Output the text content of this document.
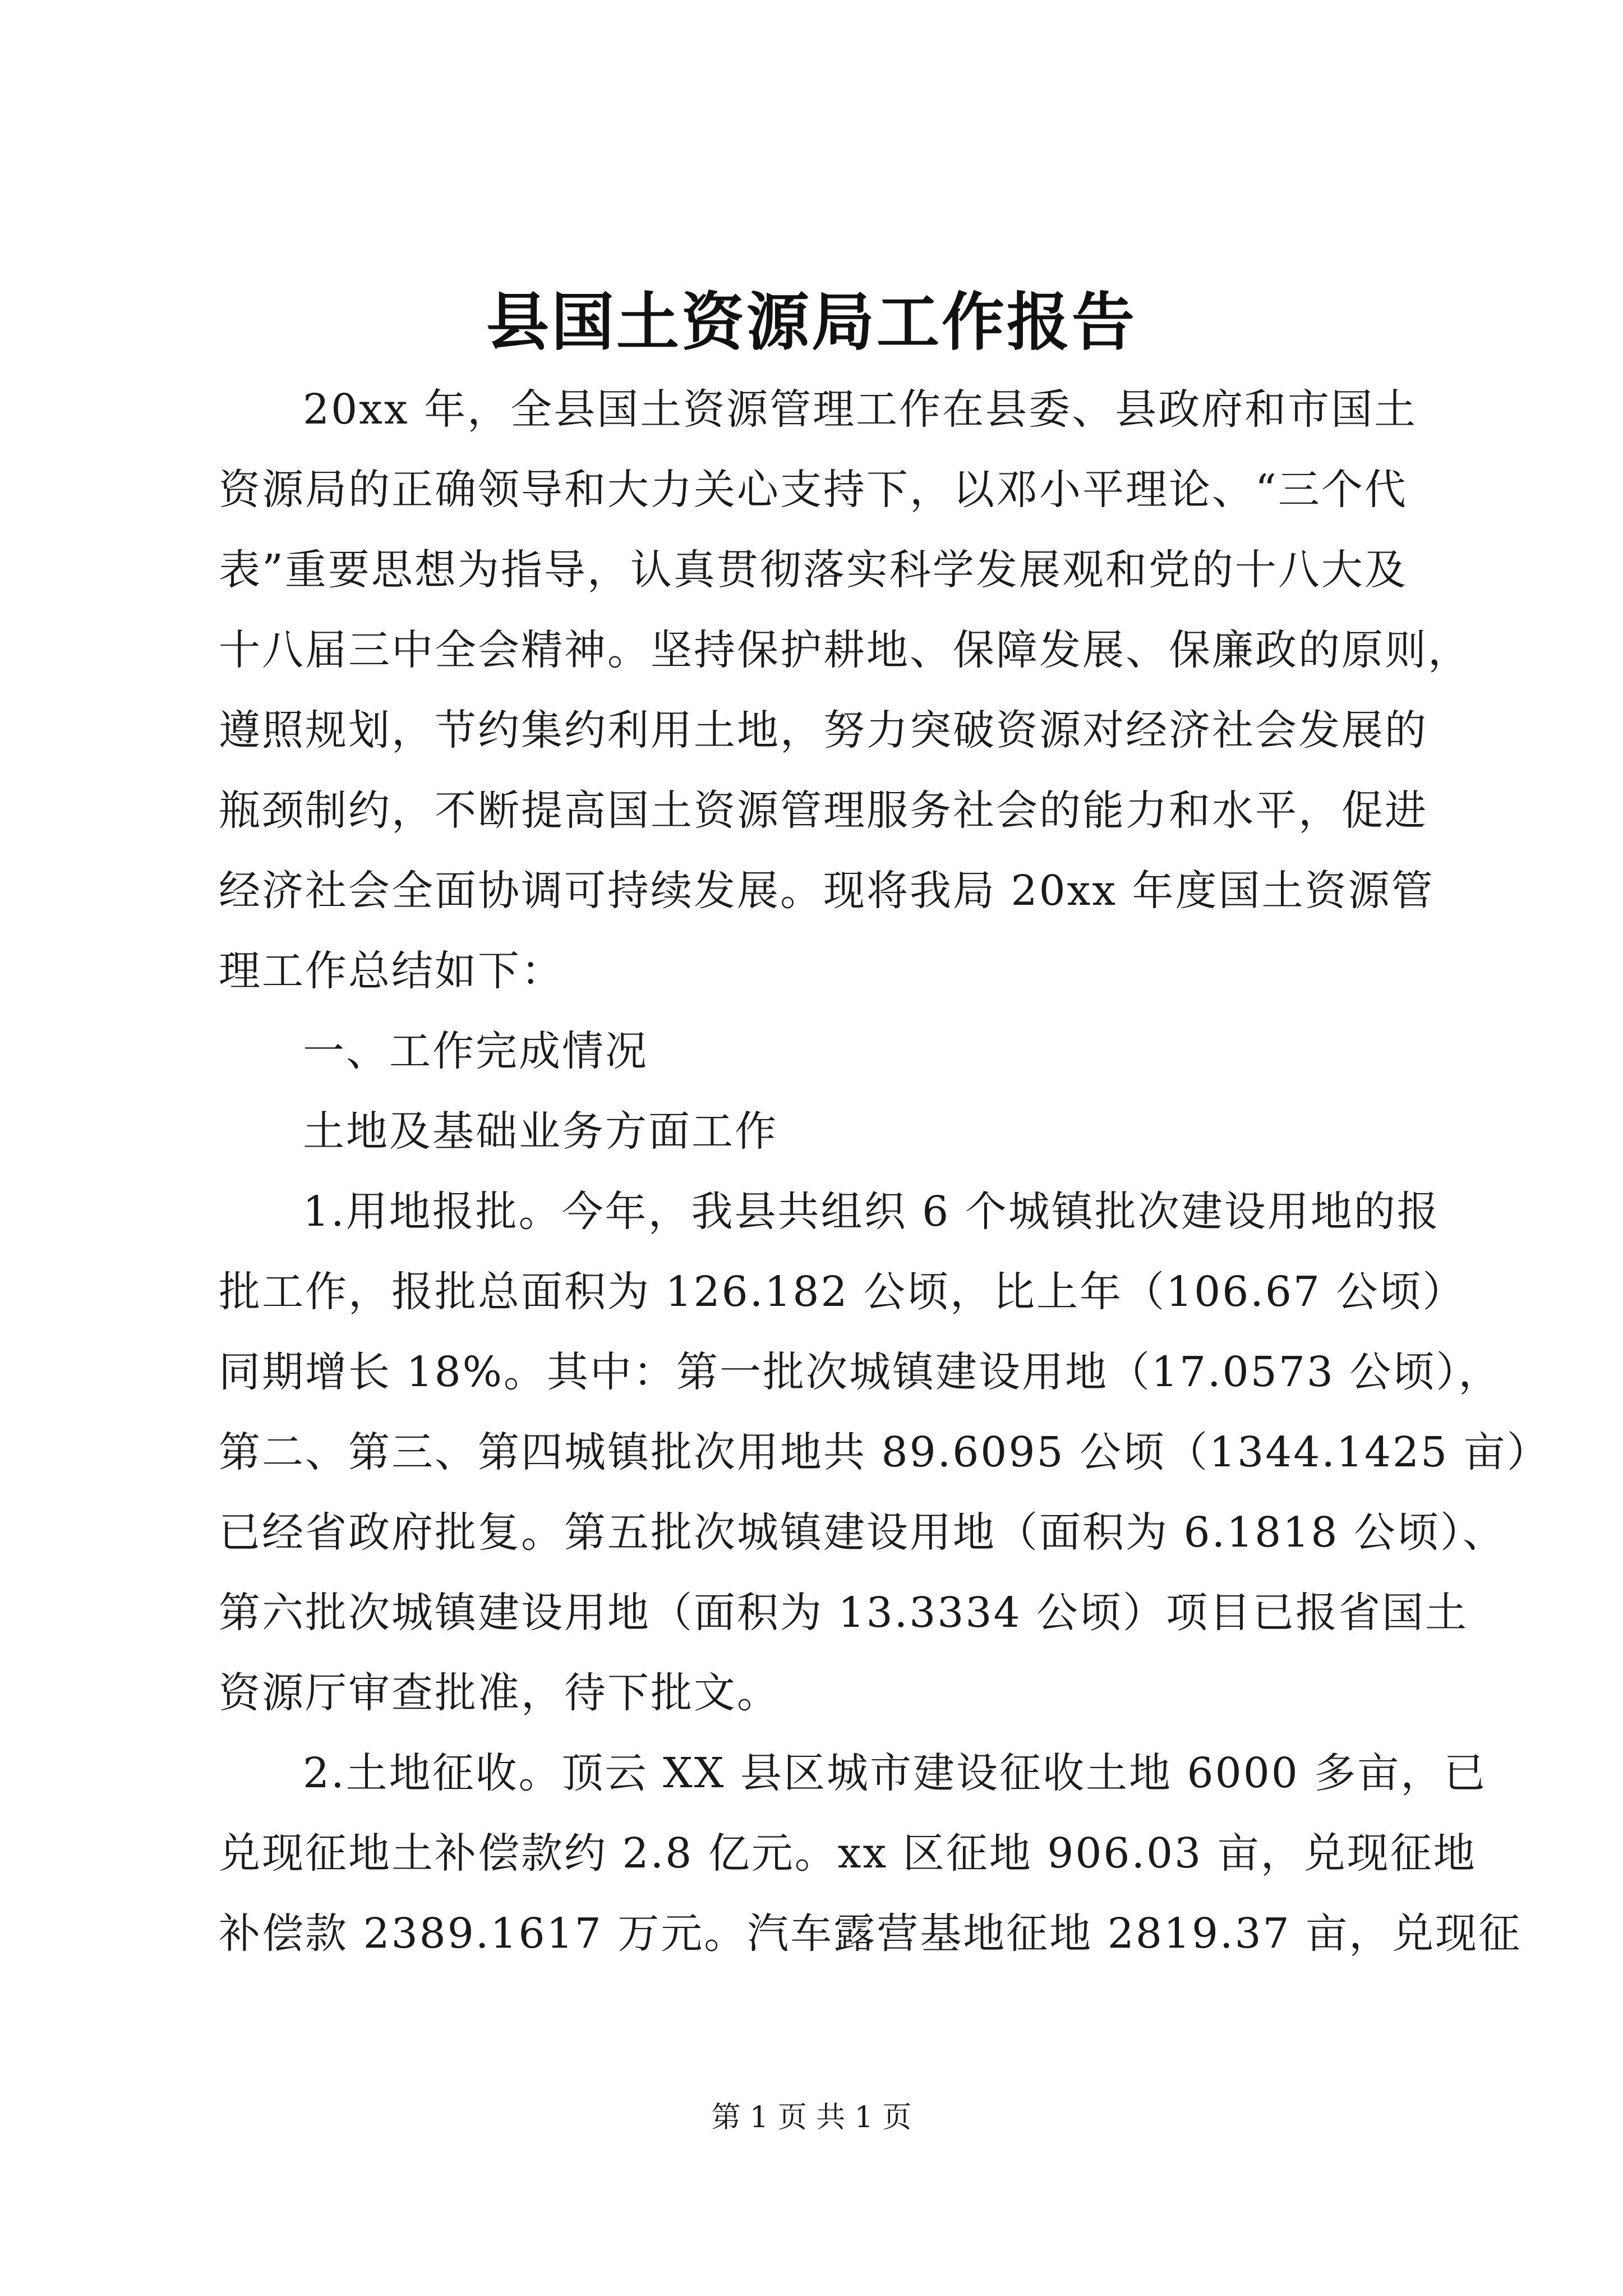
县国土资源局工作报告
20xx 年，全县国土资源管理工作在县委、县政府和市国土
资源局的正确领导和大力关心支持下，以邓小平理论、“三个代
表”重要思想为指导，认真贯彻落实科学发展观和党的十八大及
十八届三中全会精神。坚持保护耕地、保障发展、保廉政的原则，
遵照规划，节约集约利用土地，努力突破资源对经济社会发展的
瓶颈制约，不断提高国土资源管理服务社会的能力和水平，促进
经济社会全面协调可持续发展。现将我局 20xx 年度国土资源管
理工作总结如下：
一、工作完成情况
土地及基础业务方面工作
1.用地报批。今年，我县共组织 6 个城镇批次建设用地的报
批工作，报批总面积为 126.182 公顷，比上年（106.67 公顷）
同期增长 18%。其中：第一批次城镇建设用地（17.0573 公顷），
第二、第三、第四城镇批次用地共 89.6095 公顷（1344.1425 亩）
已经省政府批复。第五批次城镇建设用地（面积为 6.1818 公顷）、
第六批次城镇建设用地（面积为 13.3334 公顷）项目已报省国土
资源厅审查批准，待下批文。
2.土地征收。顶云 XX 县区城市建设征收土地 6000 多亩，已
兑现征地土补偿款约 2.8 亿元。xx 区征地 906.03 亩，兑现征地
补偿款 2389.1617 万元。汽车露营基地征地 2819.37 亩，兑现征
第 1 页 共 1 页
